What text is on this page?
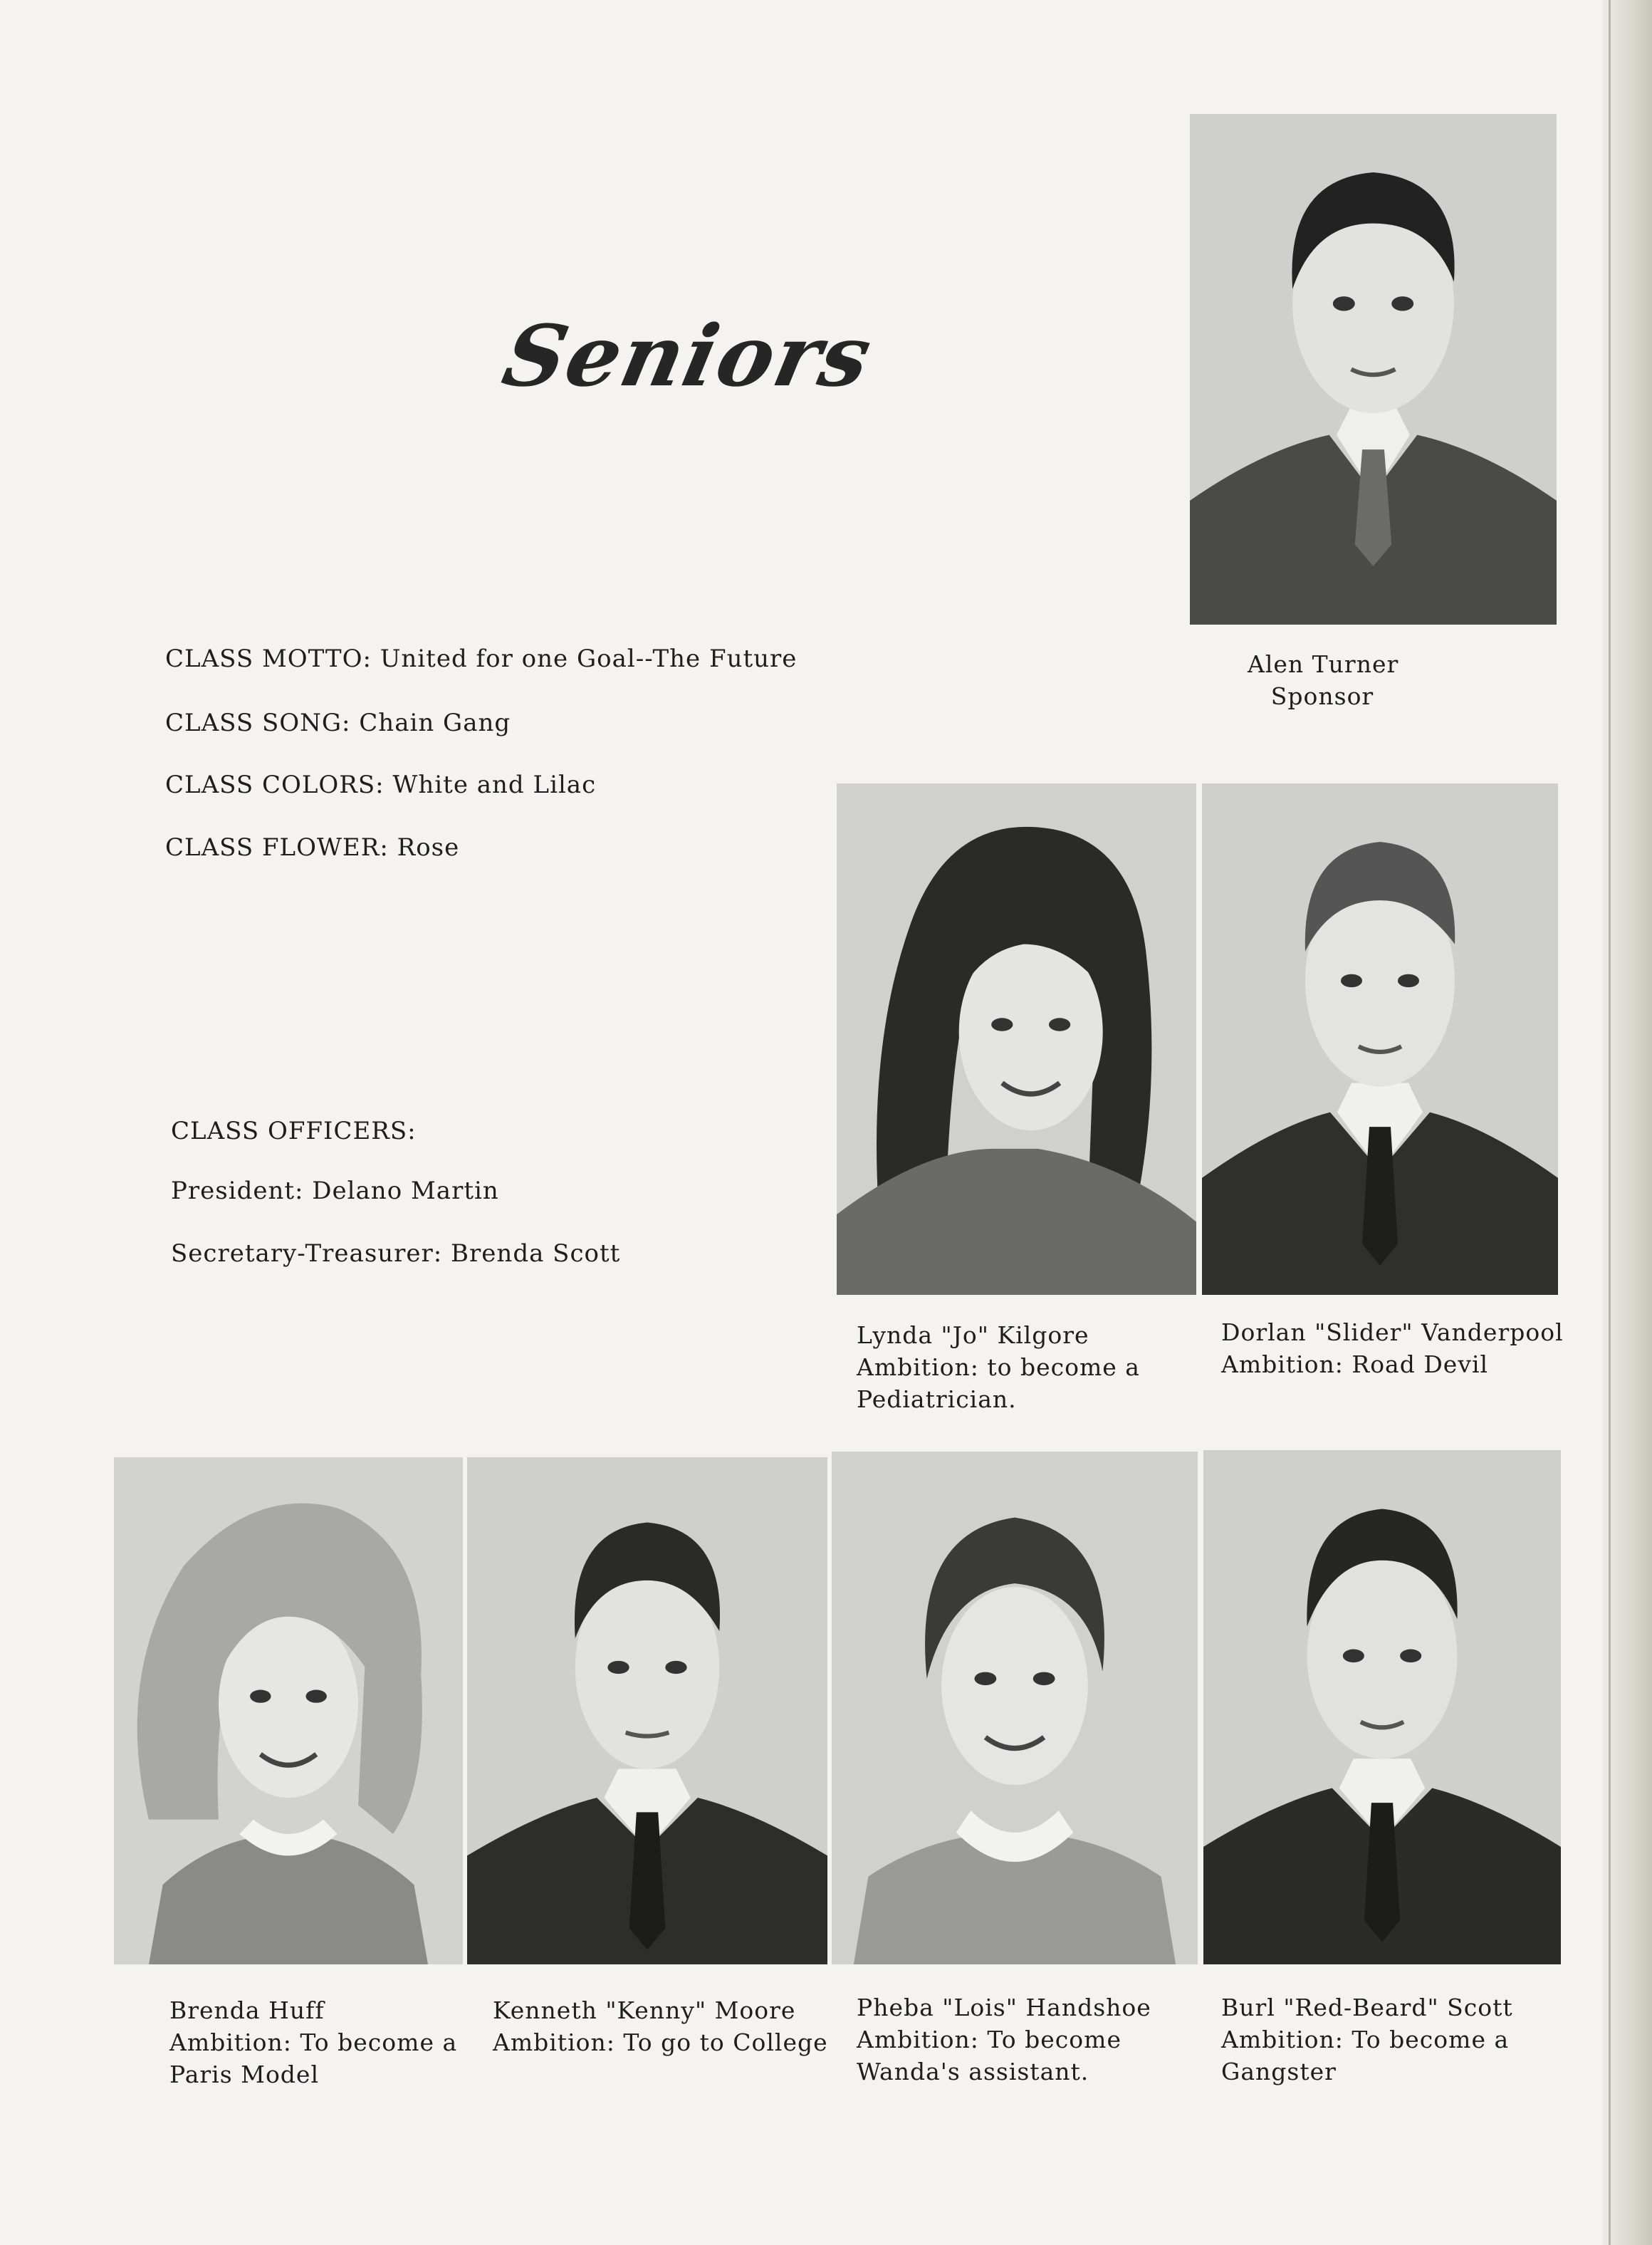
Seniors
CLASS MOTTO: United for one Goal--The Future
CLASS SONG: Chain Gang
CLASS COLORS: White and Lilac
CLASS FLOWER: Rose
CLASS OFFICERS:
President: Delano Martin
Secretary-Treasurer: Brenda Scott
Alen Turner
Sponsor
Lynda "Jo" Kilgore
Ambition: to become a
Pediatrician.
Dorlan "Slider" Vanderpool
Ambition: Road Devil
Brenda Huff
Ambition: To become a
Paris Model
Kenneth "Kenny" Moore
Ambition: To go to College
Pheba "Lois" Handshoe
Ambition: To become
Wanda's assistant.
Burl "Red-Beard" Scott
Ambition: To become a
Gangster
